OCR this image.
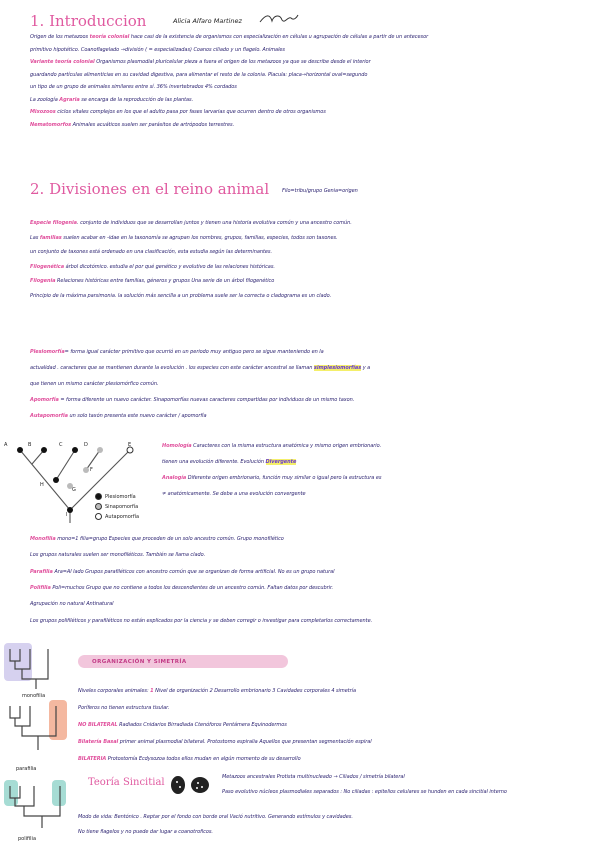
1. Introduccion	Alicia Alfaro Martinez
Origen de los metazoos teoría colonial hace casi de la existencia de organismos con especialización en células u agrupación de células a partir de un antecesor
primitivo hipotético. Coanoflagelado →división ( = especializadas) Coanos ciliado y un flagelo. Animales
Variante teoría colonial Organismos plasmodial pluricelular pieza a fuera el origen de los metazoos ya que se describe desde el interior
guardando partículas alimenticias en su cavidad digestiva, para alimentar el resto de la colonia. Placula: placa→horizontal oval=segundo
un tipo de un grupo de animales similares entre sí. 36% invertebrados 4% cordados
La zoología Agraria se encarga de la reproducción de las plantas.
Mixozoos ciclos vitales complejos en los que el adulto pasa por fases larvarias que ocurren dentro de otros organismos
Nematomorfos Animales acuáticos suelen ser parásitos de artrópodos terrestres.
2. Divisiones en el reino animal	Filo=tribu/grupo Genia=origen
Especie filogenia. conjunto de individuos que se desarrollan juntos y tienen una historia evolutiva común y una ancestro común.
Las familias suelen acabar en -idae en la taxonomía se agrupan los nombres, grupos, familias, especies, todos son taxones.
un conjunto de taxones está ordenado en una clasificación, esta estudia según las determinantes.
Filogenética árbol dicotómico. estudia el por qué genético y evolutivo de las relaciones históricas.
Filogenia Relaciones históricas entre familias, géneros y grupos Una serie de un árbol filogenético
Principio de la máxima parsimonia. la solución más sencilla a un problema suele ser la correcta o cladograma es un clado.
Plesiomorfía= forma igual carácter primitivo que ocurrió en un periodo muy antiguo pero se sigue manteniendo en la
actualidad . caracteres que se mantienen durante la evolución . los especies con este carácter ancestral se llaman simplesiomorfías y a
que tienen un mismo carácter plesiomórfico común.
Apomorfía = forma diferente un nuevo carácter. Sinapomorfías nuevas caracteres compartidas por individuos de un mismo taxon.
Autapomorfía un solo taxón presenta este nuevo carácter / apomorfía
A	B	C	D	E
F
G
H
I
Plesiomorfía
Sinapomorfía
Autapomorfía
Homología Caracteres con la misma estructura anatómica y mismo origen embrionario.
tienen una evolución diferente. Evolución Divergente
Analogía Diferente origen embrionario, función muy similar o igual pero la estructura es
≠ anatómicamente. Se debe a una evolución convergente
Monofilia mono=1 filia=grupo Especies que proceden de un solo ancestro común. Grupo monofilético
Los grupos naturales suelen ser monofiléticos. También se llama clado.
Parafilia Ara=Al lado Grupos parafiléticos con ancestro común que se organizan de forma artificial. No es un grupo natural
Polifilia Poli=muchos Grupo que no contiene a todos los descendientes de un ancestro común. Faltan datos por descubrir.
Agrupación no natural Antinatural
Los grupos polifiléticos y parafiléticos no están explicados por la ciencia y se deben corregir o investigar para completarlos correctamente.
monofilia
parafilia
polifilia
ORGANIZACIÓN Y SIMETRÍA
Niveles corporales animales: 1 Nivel de organización 2 Desarrollo embrionario 3 Cavidades corporales 4 simetría
Poríferos no tienen estructura tisular.
NO BILATERAL Radiados Cnidarios Birradiada Ctenóforos Pentámera Equinodermos
Bilatería Basal primer animal plasmodial bilateral. Protostomo espiralia Aquellos que presentan segmentación espiral
BILATERIA Protostomía Ecdysozoa todos ellos mudan en algún momento de su desarrollo
Teoría Sincitial	Metazoos ancestrales Protista multinucleado → Ciliados / simetría bilateral
Paso evolutivo núcleos plasmodiales separados : No ciliadas : epitelios celulares se hunden en cada sincitial interno
Modo de vida: Bentónico . Reptar por el fondo con borde oral Vació nutritivo. Generando estímulos y cavidades.
No tiene flagelos y no puede dar lugar a coanotroficos.
